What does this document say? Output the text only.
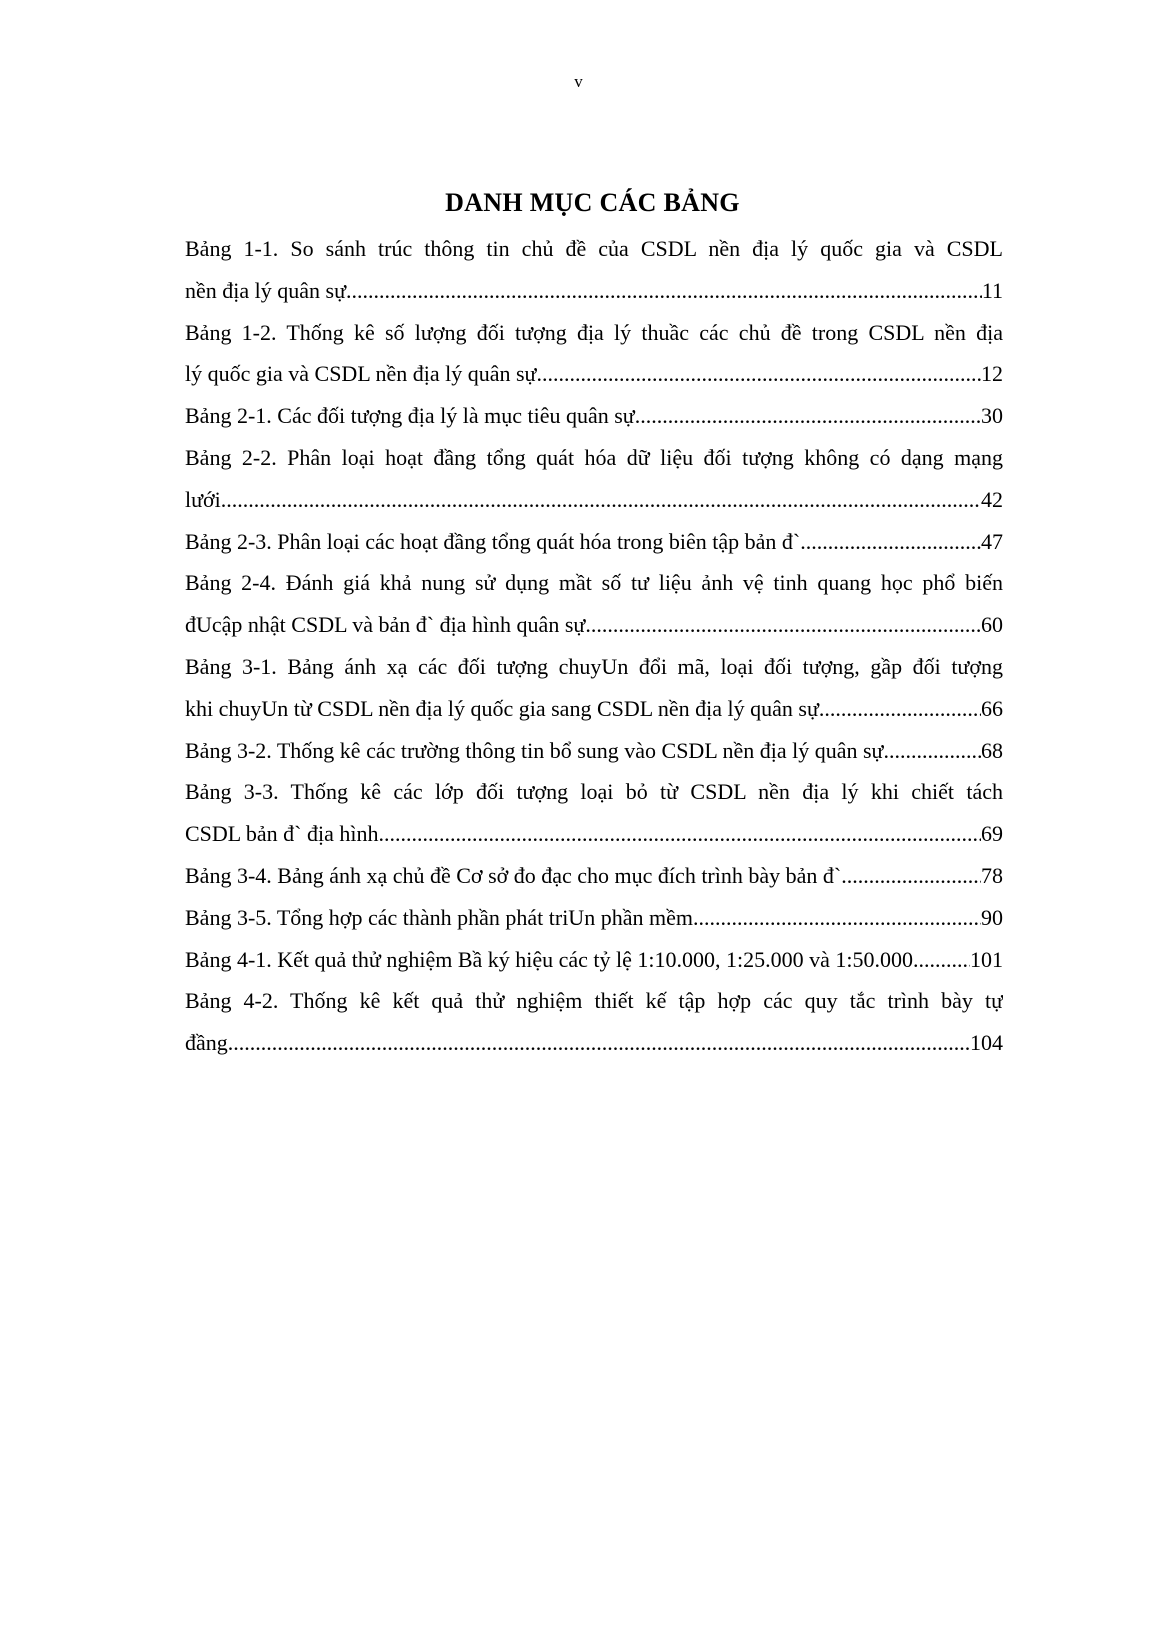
v
DANH MỤC CÁC BẢNG

Bảng 1-1. So sánh trúc thông tin chủ đề của CSDL nền địa lý quốc gia và CSDL
nền địa lý quân sự .....	11

Bảng 1-2. Thống kê số lượng đối tượng địa lý thuầc các chủ đề trong CSDL nền địa
lý quốc gia và CSDL nền địa lý quân sự .....	12

Bảng 2-1. Các đối tượng địa lý là mục tiêu quân sự .....	30

Bảng 2-2. Phân loại hoạt đầng tổng quát hóa dữ liệu đối tượng không có dạng mạng
lưới .....	42

Bảng 2-3. Phân loại các hoạt đầng tổng quát hóa trong biên tập bản đ` .....	47

Bảng 2-4. Đánh giá khả nung sử dụng mầt số tư liệu ảnh vệ tinh quang học phổ biến
đUcập nhật CSDL và bản đ` địa hình quân sự .....	60

Bảng 3-1. Bảng ánh xạ các đối tượng chuyUn đổi mã, loại đối tượng, gầp đối tượng
khi chuyUn từ CSDL nền địa lý quốc gia sang CSDL nền địa lý quân sự .....	66

Bảng 3-2. Thống kê các trường thông tin bổ sung vào CSDL nền địa lý quân sự .....	68

Bảng 3-3. Thống kê các lớp đối tượng loại bỏ từ CSDL nền địa lý khi chiết tách
CSDL bản đ` địa hình .....	69

Bảng 3-4. Bảng ánh xạ chủ đề Cơ sở đo đạc cho mục đích trình bày bản đ` .....	78

Bảng 3-5. Tổng hợp các thành phần phát triUn phần mềm .....	90

Bảng 4-1. Kết quả thử nghiệm Bầ ký hiệu các tỷ lệ 1:10.000, 1:25.000 và 1:50.000 .....	101

Bảng 4-2. Thống kê kết quả thử nghiệm thiết kế tập hợp các quy tắc trình bày tự
đầng .....	104
